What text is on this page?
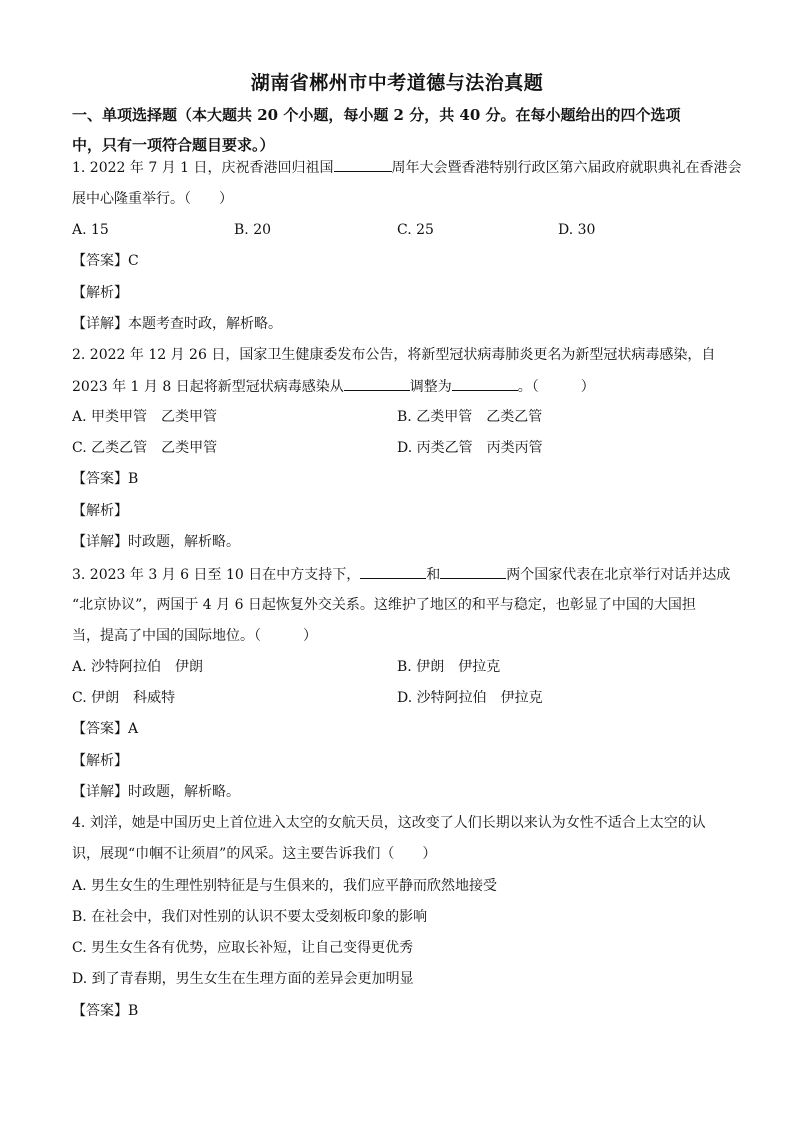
湖南省郴州市中考道德与法治真题
一、单项选择题（本大题共 20 个小题，每小题 2 分，共 40 分。在每小题给出的四个选项
中，只有一项符合题目要求。）
1. 2022 年 7 月 1 日，庆祝香港回归祖国	周年大会暨香港特别行政区第六届政府就职典礼在香港会
展中心隆重举行。（　　）
A. 15	B. 20	C. 25	D. 30
【答案】C
【解析】
【详解】本题考查时政，解析略。
2. 2022 年 12 月 26 日，国家卫生健康委发布公告，将新型冠状病毒肺炎更名为新型冠状病毒感染，自
2023 年 1 月 8 日起将新型冠状病毒感染从	调整为	。（　　　）
A. 甲类甲管　乙类甲管	B. 乙类甲管　乙类乙管
C. 乙类乙管　乙类甲管	D. 丙类乙管　丙类丙管
【答案】B
【解析】
【详解】时政题，解析略。
3. 2023 年 3 月 6 日至 10 日在中方支持下，	和	两个国家代表在北京举行对话并达成
“北京协议”，两国于 4 月 6 日起恢复外交关系。这维护了地区的和平与稳定，也彰显了中国的大国担
当，提高了中国的国际地位。（　　　）
A. 沙特阿拉伯　伊朗	B. 伊朗　伊拉克
C. 伊朗　科威特	D. 沙特阿拉伯　伊拉克
【答案】A
【解析】
【详解】时政题，解析略。
4. 刘洋，她是中国历史上首位进入太空的女航天员，这改变了人们长期以来认为女性不适合上太空的认
识，展现“巾帼不让须眉”的风采。这主要告诉我们（　　）
A. 男生女生的生理性别特征是与生俱来的，我们应平静而欣然地接受
B. 在社会中，我们对性别的认识不要太受刻板印象的影响
C. 男生女生各有优势，应取长补短，让自己变得更优秀
D. 到了青春期，男生女生在生理方面的差异会更加明显
【答案】B
